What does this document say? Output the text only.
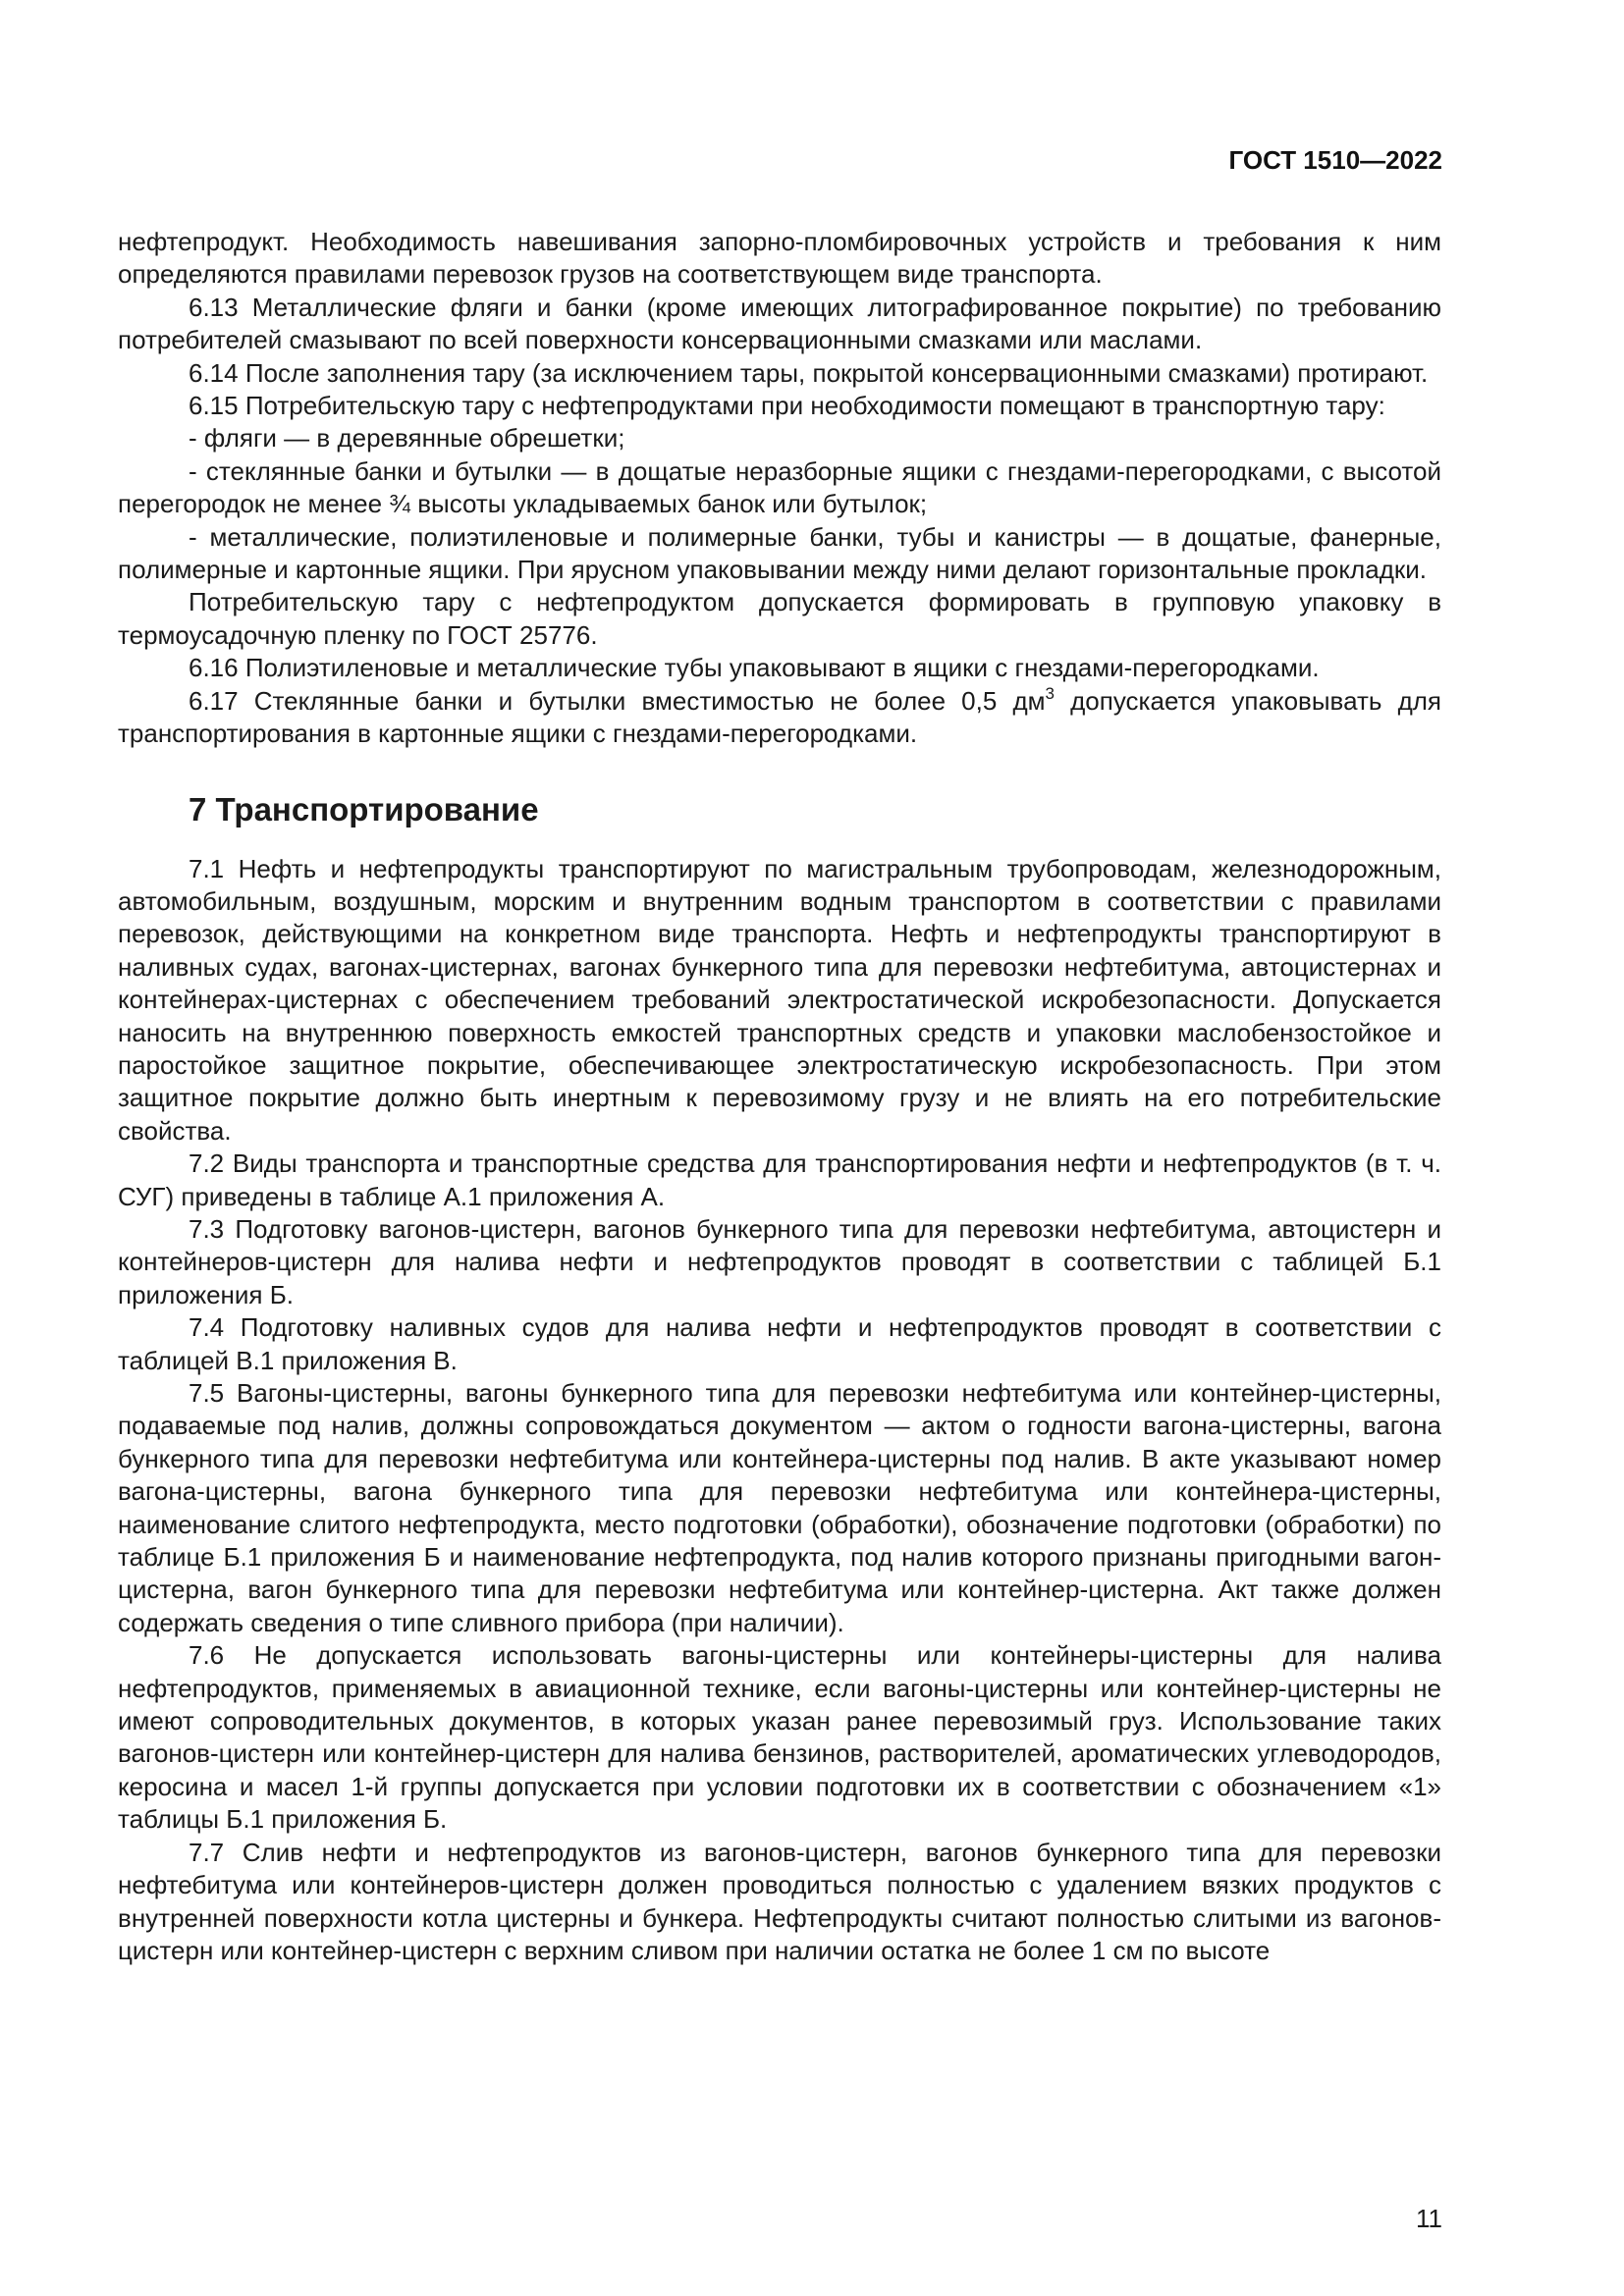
ГОСТ 1510—2022

нефтепродукт. Необходимость навешивания запорно-пломбировочных устройств и требования к ним определяются правилами перевозок грузов на соответствующем виде транспорта.

6.13 Металлические фляги и банки (кроме имеющих литографированное покрытие) по требованию потребителей смазывают по всей поверхности консервационными смазками или маслами.

6.14 После заполнения тару (за исключением тары, покрытой консервационными смазками) протирают.

6.15 Потребительскую тару с нефтепродуктами при необходимости помещают в транспортную тару:

- фляги — в деревянные обрешетки;

- стеклянные банки и бутылки — в дощатые неразборные ящики с гнездами-перегородками, с высотой перегородок не менее ¾ высоты укладываемых банок или бутылок;

- металлические, полиэтиленовые и полимерные банки, тубы и канистры — в дощатые, фанерные, полимерные и картонные ящики. При ярусном упаковывании между ними делают горизонтальные прокладки.

Потребительскую тару с нефтепродуктом допускается формировать в групповую упаковку в термоусадочную пленку по ГОСТ 25776.

6.16 Полиэтиленовые и металлические тубы упаковывают в ящики с гнездами-перегородками.

6.17 Стеклянные банки и бутылки вместимостью не более 0,5 $дм^3$ допускается упаковывать для транспортирования в картонные ящики с гнездами-перегородками.

7 Транспортирование

7.1 Нефть и нефтепродукты транспортируют по магистральным трубопроводам, железнодорожным, автомобильным, воздушным, морским и внутренним водным транспортом в соответствии с правилами перевозок, действующими на конкретном виде транспорта. Нефть и нефтепродукты транспортируют в наливных судах, вагонах-цистернах, вагонах бункерного типа для перевозки нефтебитума, автоцистернах и контейнерах-цистернах с обеспечением требований электростатической искробезопасности. Допускается наносить на внутреннюю поверхность емкостей транспортных средств и упаковки маслобензостойкое и паростойкое защитное покрытие, обеспечивающее электростатическую искробезопасность. При этом защитное покрытие должно быть инертным к перевозимому грузу и не влиять на его потребительские свойства.

7.2 Виды транспорта и транспортные средства для транспортирования нефти и нефтепродуктов (в т. ч. СУГ) приведены в таблице А.1 приложения А.

7.3 Подготовку вагонов-цистерн, вагонов бункерного типа для перевозки нефтебитума, автоцистерн и контейнеров-цистерн для налива нефти и нефтепродуктов проводят в соответствии с таблицей Б.1 приложения Б.

7.4 Подготовку наливных судов для налива нефти и нефтепродуктов проводят в соответствии с таблицей В.1 приложения В.

7.5 Вагоны-цистерны, вагоны бункерного типа для перевозки нефтебитума или контейнер-цистерны, подаваемые под налив, должны сопровождаться документом — актом о годности вагона-цистерны, вагона бункерного типа для перевозки нефтебитума или контейнера-цистерны под налив. В акте указывают номер вагона-цистерны, вагона бункерного типа для перевозки нефтебитума или контейнера-цистерны, наименование слитого нефтепродукта, место подготовки (обработки), обозначение подготовки (обработки) по таблице Б.1 приложения Б и наименование нефтепродукта, под налив которого признаны пригодными вагон-цистерна, вагон бункерного типа для перевозки нефтебитума или контейнер-цистерна. Акт также должен содержать сведения о типе сливного прибора (при наличии).

7.6 Не допускается использовать вагоны-цистерны или контейнеры-цистерны для налива нефтепродуктов, применяемых в авиационной технике, если вагоны-цистерны или контейнер-цистерны не имеют сопроводительных документов, в которых указан ранее перевозимый груз. Использование таких вагонов-цистерн или контейнер-цистерн для налива бензинов, растворителей, ароматических углеводородов, керосина и масел 1-й группы допускается при условии подготовки их в соответствии с обозначением «1» таблицы Б.1 приложения Б.

7.7 Слив нефти и нефтепродуктов из вагонов-цистерн, вагонов бункерного типа для перевозки нефтебитума или контейнеров-цистерн должен проводиться полностью с удалением вязких продуктов с внутренней поверхности котла цистерны и бункера. Нефтепродукты считают полностью слитыми из вагонов-цистерн или контейнер-цистерн с верхним сливом при наличии остатка не более 1 см по высоте

11
